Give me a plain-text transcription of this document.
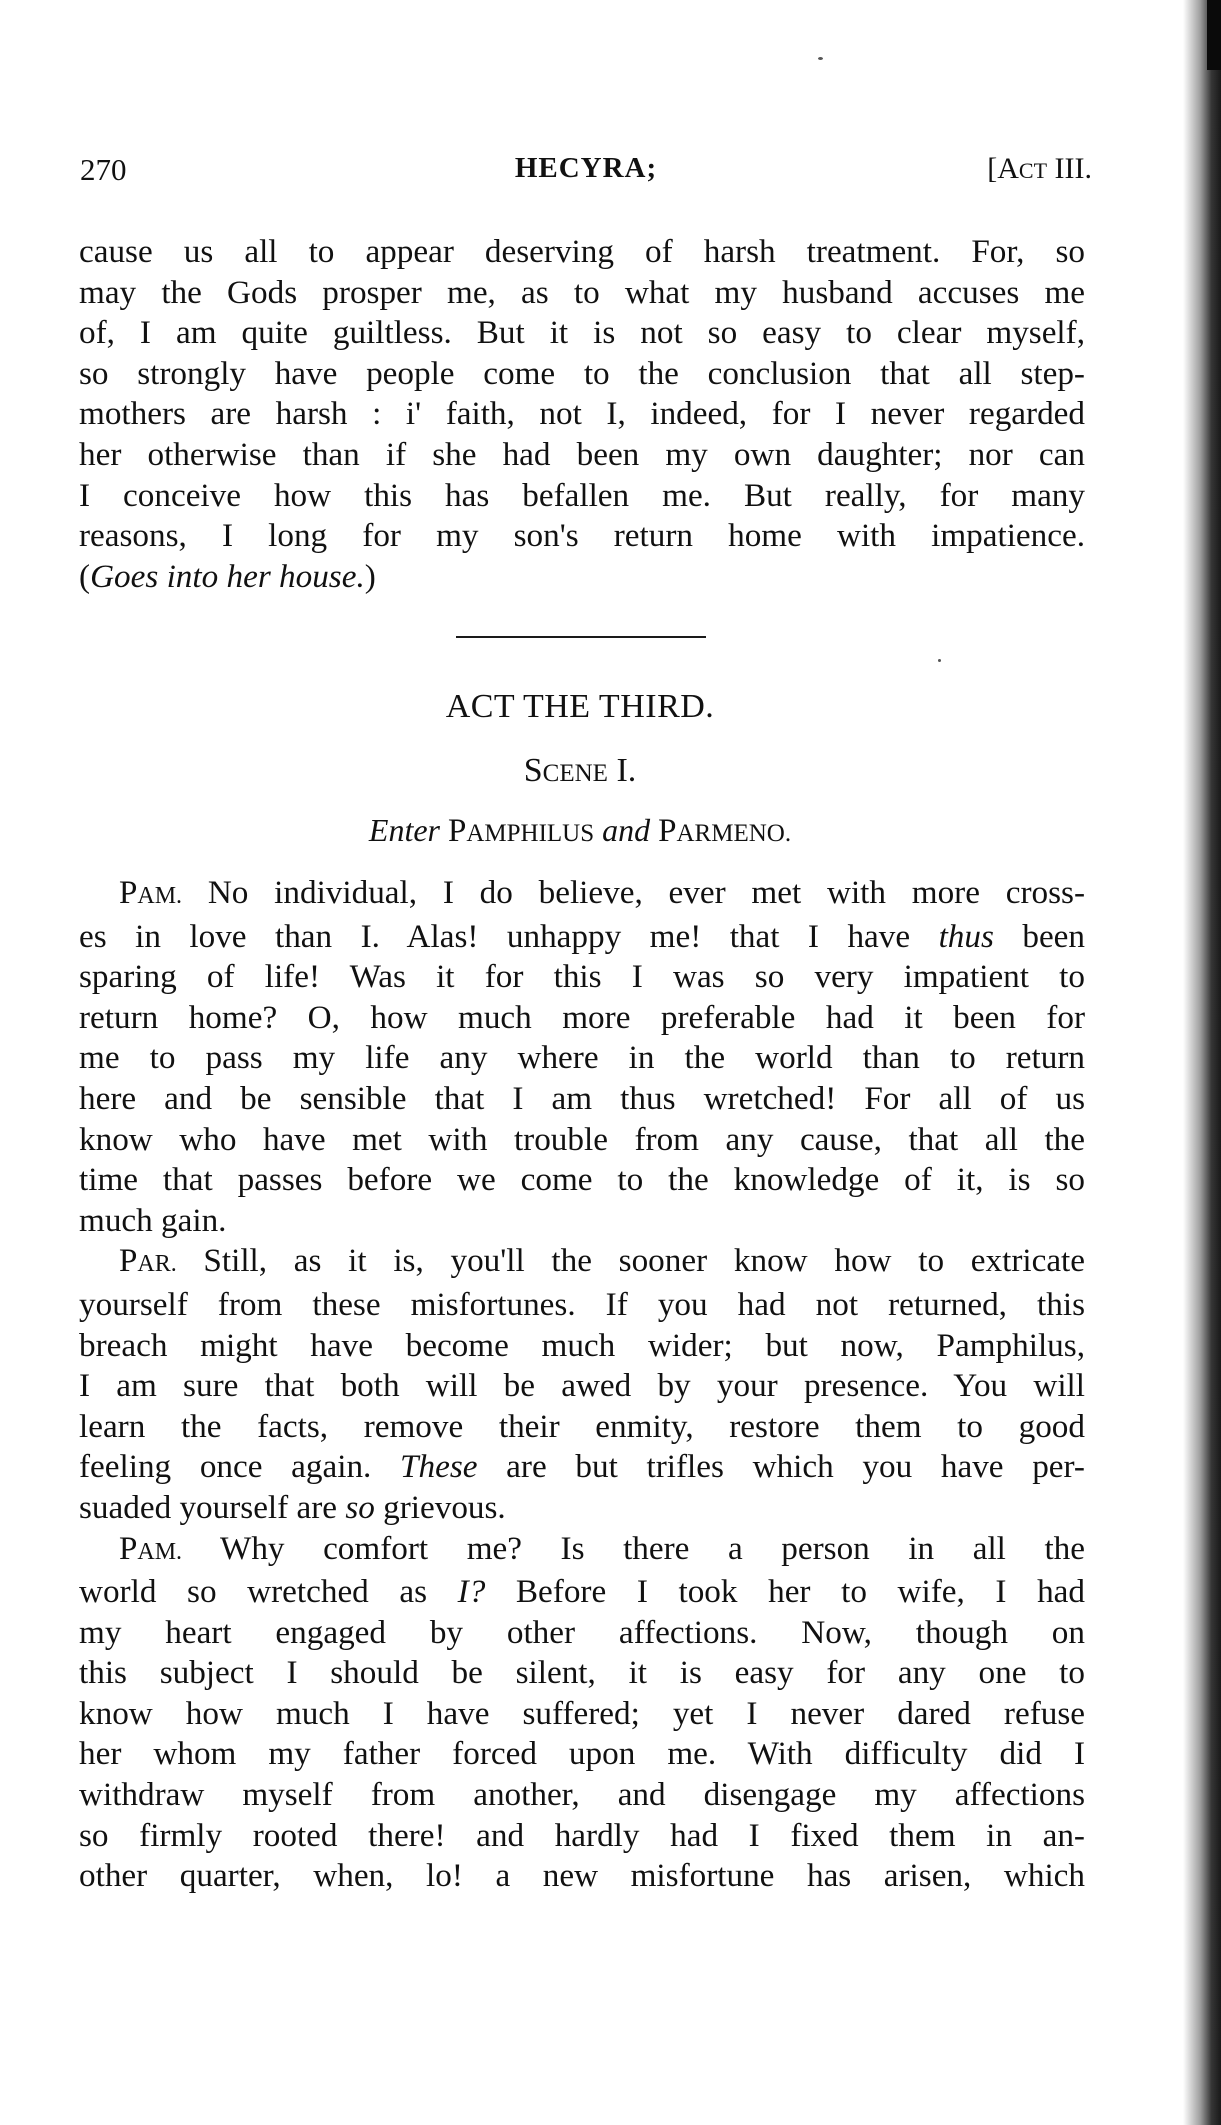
270	HECYRA;	[ACT III.
cause us all to appear deserving of harsh treatment. For, so
may the Gods prosper me, as to what my husband accuses me
of, I am quite guiltless. But it is not so easy to clear myself,
so strongly have people come to the conclusion that all step-
mothers are harsh : i' faith, not I, indeed, for I never regarded
her otherwise than if she had been my own daughter; nor can
I conceive how this has befallen me. But really, for many
reasons, I long for my son's return home with impatience.
(Goes into her house.)
ACT THE THIRD.
SCENE I.
Enter PAMPHILUS and PARMENO.
PAM. No individual, I do believe, ever met with more cross-
es in love than I. Alas! unhappy me! that I have thus been
sparing of life! Was it for this I was so very impatient to
return home? O, how much more preferable had it been for
me to pass my life any where in the world than to return
here and be sensible that I am thus wretched! For all of us
know who have met with trouble from any cause, that all the
time that passes before we come to the knowledge of it, is so
much gain.
PAR. Still, as it is, you'll the sooner know how to extricate
yourself from these misfortunes. If you had not returned, this
breach might have become much wider; but now, Pamphilus,
I am sure that both will be awed by your presence. You will
learn the facts, remove their enmity, restore them to good
feeling once again. These are but trifles which you have per-
suaded yourself are so grievous.
PAM. Why comfort me? Is there a person in all the
world so wretched as I? Before I took her to wife, I had
my heart engaged by other affections. Now, though on
this subject I should be silent, it is easy for any one to
know how much I have suffered; yet I never dared refuse
her whom my father forced upon me. With difficulty did I
withdraw myself from another, and disengage my affections
so firmly rooted there! and hardly had I fixed them in an-
other quarter, when, lo! a new misfortune has arisen, which
